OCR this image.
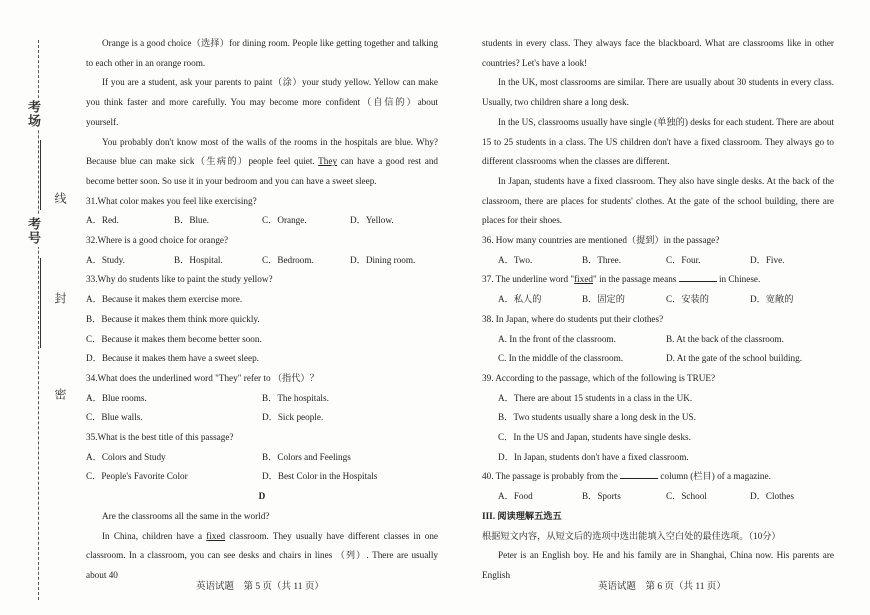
考场
考号
线
封
密

Orange is a good choice（选择）for dining room. People like getting together and talking to each other in an orange room.

If you are a student, ask your parents to paint（涂）your study yellow. Yellow can make you think faster and more carefully. You may become more confident（自信的）about yourself.

You probably don't know most of the walls of the rooms in the hospitals are blue. Why? Because blue can make sick（生病的）people feel quiet. They can have a good rest and become better soon. So use it in your bedroom and you can have a sweet sleep.

31.What color makes you feel like exercising?

A．Red.	B．Blue.	C．Orange.	D．Yellow.

32.Where is a good choice for orange?

A．Study.	B．Hospital.	C．Bedroom.	D．Dining room.

33.Why do students like to paint the study yellow?

A．Because it makes them exercise more.

B．Because it makes them think more quickly.

C．Because it makes them become better soon.

D．Because it makes them have a sweet sleep.

34.What does the underlined word "They" refer to （指代）？

A．Blue rooms.	B．The hospitals.

C．Blue walls.	D．Sick people.

35.What is the best title of this passage?

A．Colors and Study	B．Colors and Feelings

C．People's Favorite Color	D．Best Color in the Hospitals

D

Are the classrooms all the same in the world?

In China, children have a fixed classroom. They usually have different classes in one classroom. In a classroom, you can see desks and chairs in lines （列）. There are usually about 40

英语试题　第 5 页（共 11 页）

students in every class. They always face the blackboard. What are classrooms like in other countries? Let's have a look!

In the UK, most classrooms are similar. There are usually about 30 students in every class. Usually, two children share a long desk.

In the US, classrooms usually have single (单独的) desks for each student. There are about 15 to 25 students in a class. The US children don't have a fixed classroom. They always go to different classrooms when the classes are different.

In Japan, students have a fixed classroom. They also have single desks. At the back of the classroom, there are places for students' clothes. At the gate of the school building, there are places for their shoes.

36. How many countries are mentioned（提到）in the passage?

A．Two.	B．Three.	C．Four.	D．Five.

37. The underline word "fixed" in the passage means	in Chinese.

A．私人的	B．固定的	C．安装的	D．宽敞的

38. In Japan, where do students put their clothes?

A. In the front of the classroom.	B. At the back of the classroom.

C. In the middle of the classroom.	D. At the gate of the school building.

39. According to the passage, which of the following is TRUE?

A．There are about 15 students in a class in the UK.

B．Two students usually share a long desk in the US.

C．In the US and Japan, students have single desks.

D．In Japan, students don't have a fixed classroom.

40. The passage is probably from the	column (栏目) of a magazine.

A．Food	B．Sports	C．School	D．Clothes

III. 阅读理解五选五

根据短文内容，从短文后的选项中选出能填入空白处的最佳选项。（10分）

Peter is an English boy. He and his family are in Shanghai, China now. His parents are English

英语试题　第 6 页（共 11 页）
